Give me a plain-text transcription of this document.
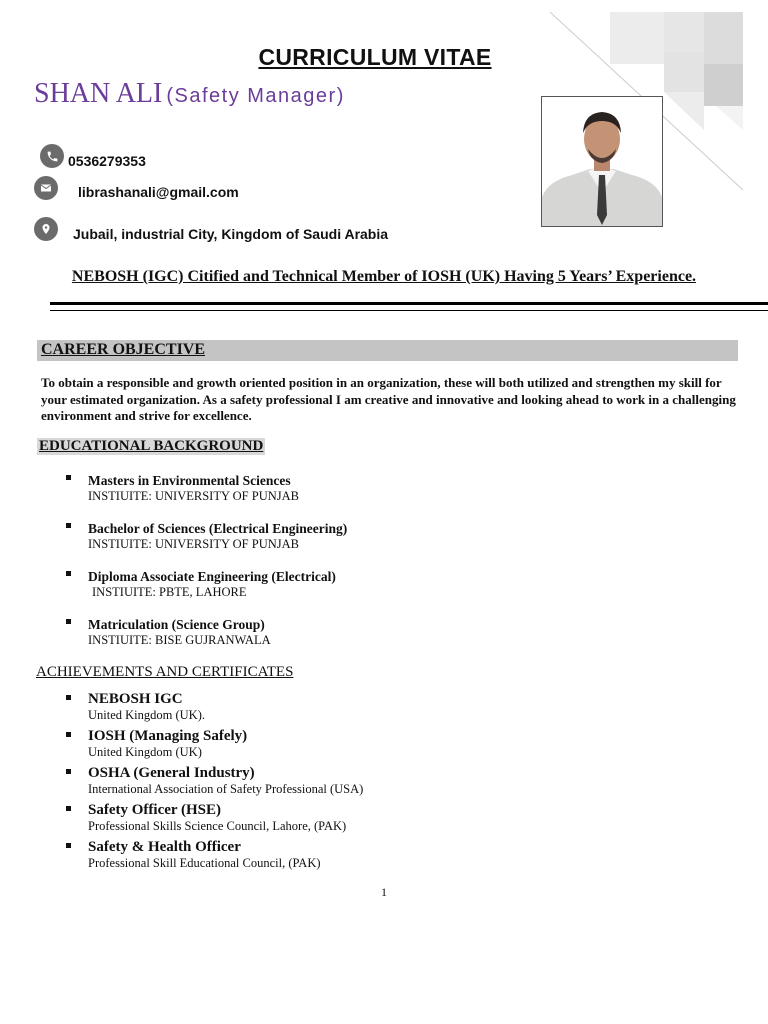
CURRICULUM VITAE
SHAN ALI (Safety Manager)
0536279353
librashanali@gmail.com
Jubail, industrial City, Kingdom of Saudi Arabia
NEBOSH (IGC) Citified and Technical Member of IOSH (UK) Having 5 Years’ Experience.
CAREER OBJECTIVE
To obtain a responsible and growth oriented position in an organization, these will both utilized and strengthen my skill for your estimated organization. As a safety professional I am creative and innovative and looking ahead to work in a challenging environment and strive for excellence.
EDUCATIONAL BACKGROUND
Masters in Environmental Sciences
INSTIUITE: UNIVERSITY OF PUNJAB
Bachelor of Sciences (Electrical Engineering)
INSTIUITE: UNIVERSITY OF PUNJAB
Diploma Associate Engineering (Electrical)
INSTIUITE: PBTE, LAHORE
Matriculation (Science Group)
INSTIUITE: BISE GUJRANWALA
ACHIEVEMENTS AND CERTIFICATES
NEBOSH IGC
United Kingdom (UK).
IOSH (Managing Safely)
United Kingdom (UK)
OSHA (General Industry)
International Association of Safety Professional (USA)
Safety Officer (HSE)
Professional Skills Science Council, Lahore, (PAK)
Safety & Health Officer
Professional Skill Educational Council, (PAK)
1
